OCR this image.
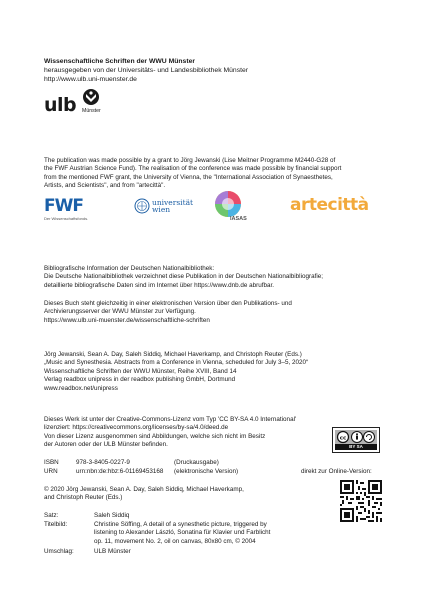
Wissenschaftliche Schriften der WWU Münster
herausgegeben von der Universitäts- und Landesbibliothek Münster
http://www.ulb.uni-muenster.de
ulb Münster
The publication was made possible by a grant to Jörg Jewanski (Lise Meitner Programme M2440-G28 of
the FWF Austrian Science Fund). The realisation of the conference was made possible by financial support
from the mentioned FWF grant, the University of Vienna, the "International Association of Synaesthetes,
Artists, and Scientists", and from "artecittà".
FWF
Der Wissenschaftsfonds.
universität
wien
IASAS
artecittà
Bibliografische Information der Deutschen Nationalbibliothek:
Die Deutsche Nationalbibliothek verzeichnet diese Publikation in der Deutschen Nationalbibliografie;
detaillierte bibliografische Daten sind im Internet über https://www.dnb.de abrufbar.
Dieses Buch steht gleichzeitig in einer elektronischen Version über den Publikations- und
Archivierungsserver der WWU Münster zur Verfügung.
https://www.ulb.uni-muenster.de/wissenschaftliche-schriften
Jörg Jewanski, Sean A. Day, Saleh Siddiq, Michael Haverkamp, and Christoph Reuter (Eds.)
„Music and Synesthesia. Abstracts from a Conference in Vienna, scheduled for July 3–5, 2020“
Wissenschaftliche Schriften der WWU Münster, Reihe XVIII, Band 14
Verlag readbox unipress in der readbox publishing GmbH, Dortmund
www.readbox.net/unipress
Dieses Werk ist unter der Creative-Commons-Lizenz vom Typ 'CC BY-SA 4.0 International'
lizenziert: https://creativecommons.org/licenses/by-sa/4.0/deed.de
Von dieser Lizenz ausgenommen sind Abbildungen, welche sich nicht im Besitz
der Autoren oder der ULB Münster befinden.
cc
BY SA
ISBN	978-3-8405-0227-9	(Druckausgabe)
URN	urn:nbn:de:hbz:6-01169453168 (elektronische Version)	direkt zur Online-Version:
© 2020 Jörg Jewanski, Sean A. Day, Saleh Siddiq, Michael Haverkamp,
and Christoph Reuter (Eds.)
Satz:	Saleh Siddiq
Titelbild:	Christine Söffing, A detail of a synesthetic picture, triggered by
listening to Alexander László, Sonatina für Klavier und Farblicht
op. 11, movement No. 2, oil on canvas, 80x80 cm, © 2004
Umschlag:	ULB Münster
